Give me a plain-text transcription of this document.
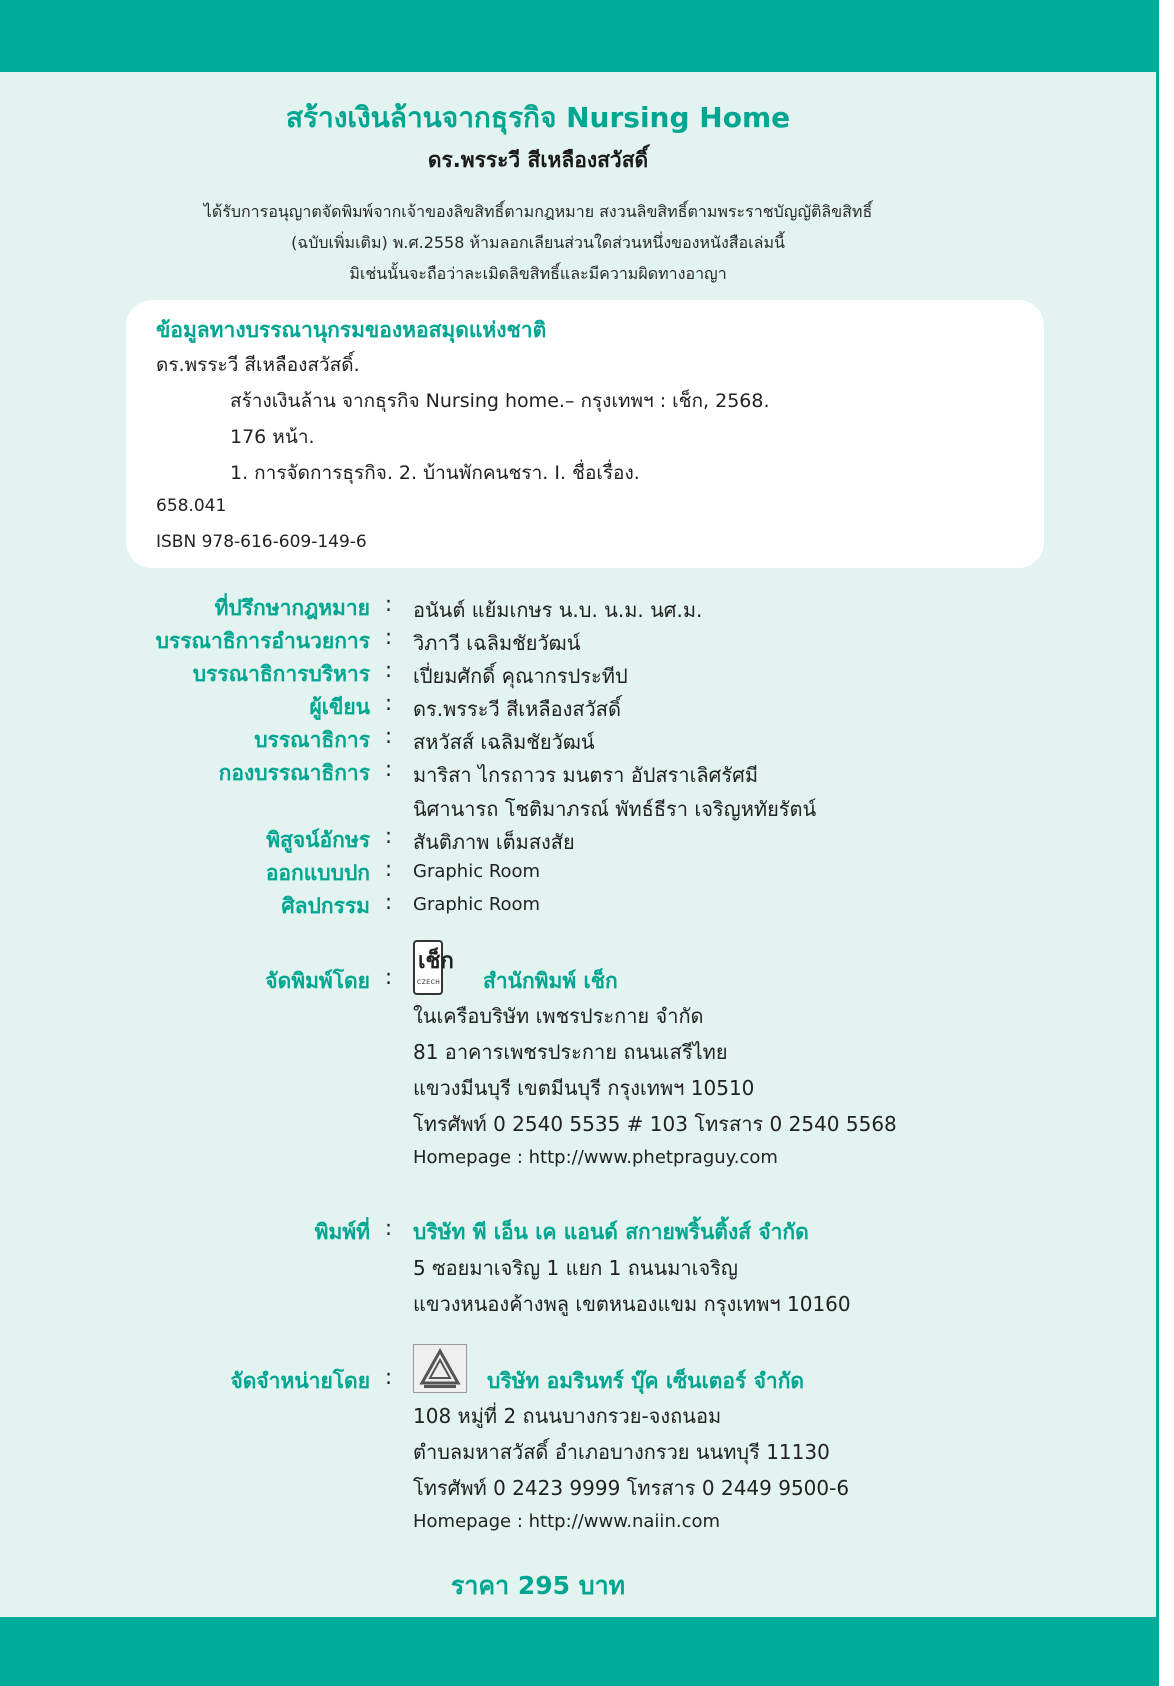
สร้างเงินล้านจากธุรกิจ Nursing Home
ดร.พรระวี สีเหลืองสวัสดิ์
ได้รับการอนุญาตจัดพิมพ์จากเจ้าของลิขสิทธิ์ตามกฎหมาย สงวนลิขสิทธิ์ตามพระราชบัญญัติลิขสิทธิ์
(ฉบับเพิ่มเติม) พ.ศ.2558 ห้ามลอกเลียนส่วนใดส่วนหนึ่งของหนังสือเล่มนี้
มิเช่นนั้นจะถือว่าละเมิดลิขสิทธิ์และมีความผิดทางอาญา
ข้อมูลทางบรรณานุกรมของหอสมุดแห่งชาติ
ดร.พรระวี สีเหลืองสวัสดิ์.
สร้างเงินล้าน จากธุรกิจ Nursing home.– กรุงเทพฯ : เช็ก, 2568.
176 หน้า.
1. การจัดการธุรกิจ. 2. บ้านพักคนชรา. I. ชื่อเรื่อง.
658.041
ISBN 978-616-609-149-6
ที่ปรึกษากฎหมาย : อนันต์ แย้มเกษร น.บ. น.ม. นศ.ม.
บรรณาธิการอำนวยการ : วิภาวี เฉลิมชัยวัฒน์
บรรณาธิการบริหาร : เปี่ยมศักดิ์ คุณากรประทีป
ผู้เขียน : ดร.พรระวี สีเหลืองสวัสดิ์
บรรณาธิการ : สหวัสส์ เฉลิมชัยวัฒน์
กองบรรณาธิการ : มาริสา ไกรถาวร มนตรา อัปสราเลิศรัศมี
นิศานารถ โชติมาภรณ์ พัทธ์ธีรา เจริญหทัยรัตน์
พิสูจน์อักษร : สันติภาพ เต็มสงสัย
ออกแบบปก : Graphic Room
ศิลปกรรม : Graphic Room
จัดพิมพ์โดย :
เช็ก
CZECH สำนักพิมพ์ เช็ก
ในเครือบริษัท เพชรประกาย จำกัด
81 อาคารเพชรประกาย ถนนเสรีไทย
แขวงมีนบุรี เขตมีนบุรี กรุงเทพฯ 10510
โทรศัพท์ 0 2540 5535 # 103 โทรสาร 0 2540 5568
Homepage : http://www.phetpraguy.com
พิมพ์ที่ : บริษัท พี เอ็น เค แอนด์ สกายพริ้นติ้งส์ จำกัด
5 ซอยมาเจริญ 1 แยก 1 ถนนมาเจริญ
แขวงหนองค้างพลู เขตหนองแขม กรุงเทพฯ 10160
จัดจำหน่ายโดย :	บริษัท อมรินทร์ บุ๊ค เซ็นเตอร์ จำกัด
108 หมู่ที่ 2 ถนนบางกรวย-จงถนอม
ตำบลมหาสวัสดิ์ อำเภอบางกรวย นนทบุรี 11130
โทรศัพท์ 0 2423 9999 โทรสาร 0 2449 9500-6
Homepage : http://www.naiin.com
ราคา 295 บาท
